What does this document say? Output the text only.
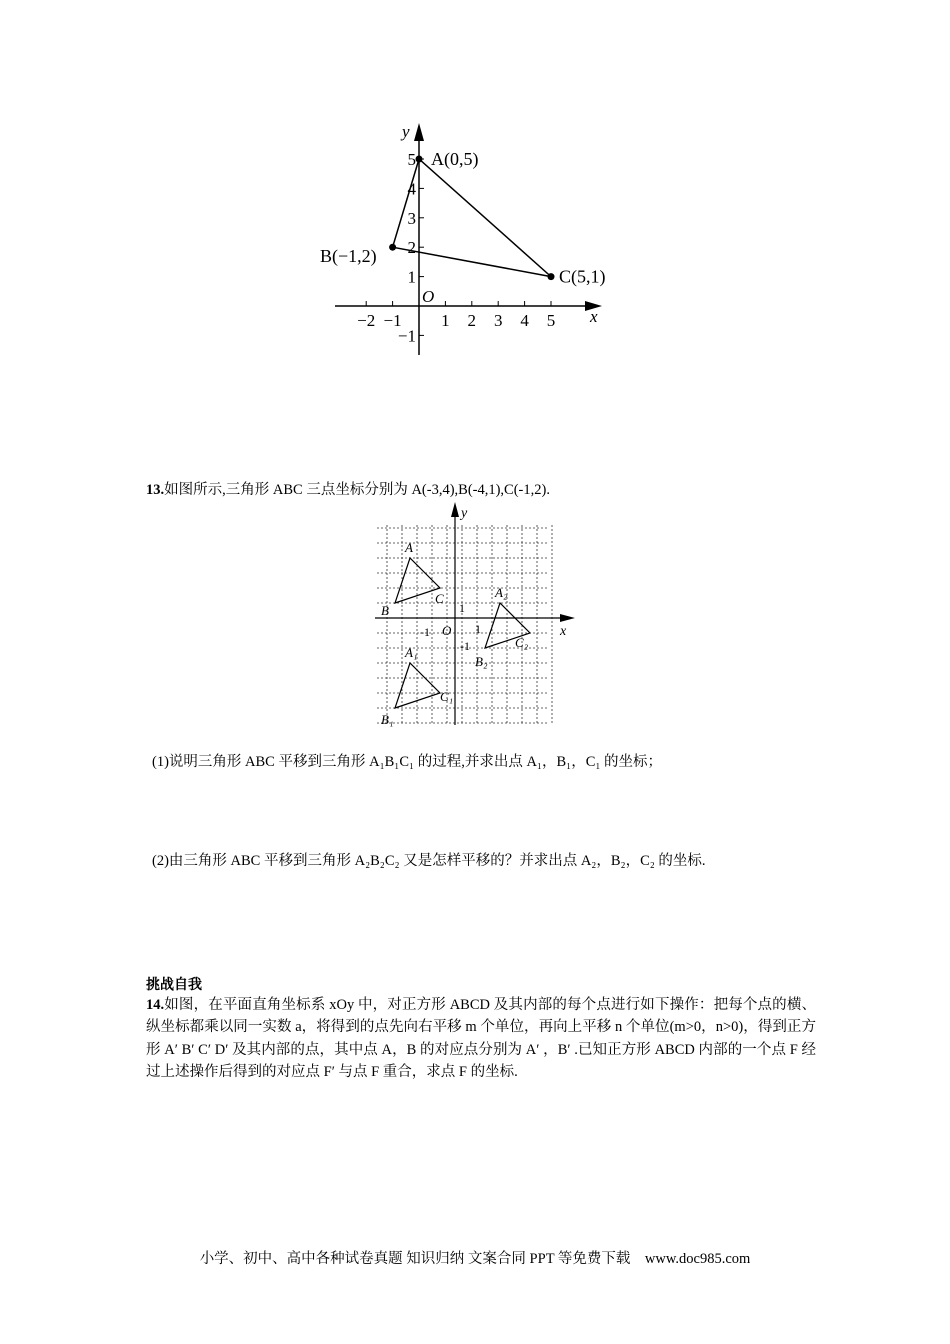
x
y
O
−2 −1 1 2 3 4 5
5
4
3
2
1
−1
A(0,5)
B(−1,2)
C(5,1)
13.如图所示,三角形 ABC 三点坐标分别为 A(-3,4),B(-4,1),C(-1,2).
x
y
O
1
-1	1
-1
A
B
C
A₁
B₁
C₁
A₂
B₂
C₂
(1)说明三角形 ABC 平移到三角形 A₁B₁C₁ 的过程,并求出点 A₁，B₁，C₁ 的坐标；
(2)由三角形 ABC 平移到三角形 A₂B₂C₂ 又是怎样平移的？并求出点 A₂，B₂，C₂ 的坐标.
挑战自我
14.如图，在平面直角坐标系 xOy 中，对正方形 ABCD 及其内部的每个点进行如下操作：把每个点的横、纵坐标都乘以同一实数 a，将得到的点先向右平移 m 个单位，再向上平移 n 个单位(m>0，n>0)，得到正方形 A′ B′ C′ D′ 及其内部的点，其中点 A，B 的对应点分别为 A′ ，B′ .已知正方形 ABCD 内部的一个点 F 经过上述操作后得到的对应点 F′ 与点 F 重合，求点 F 的坐标.
小学、初中、高中各种试卷真题 知识归纳 文案合同 PPT 等免费下载　www.doc985.com
